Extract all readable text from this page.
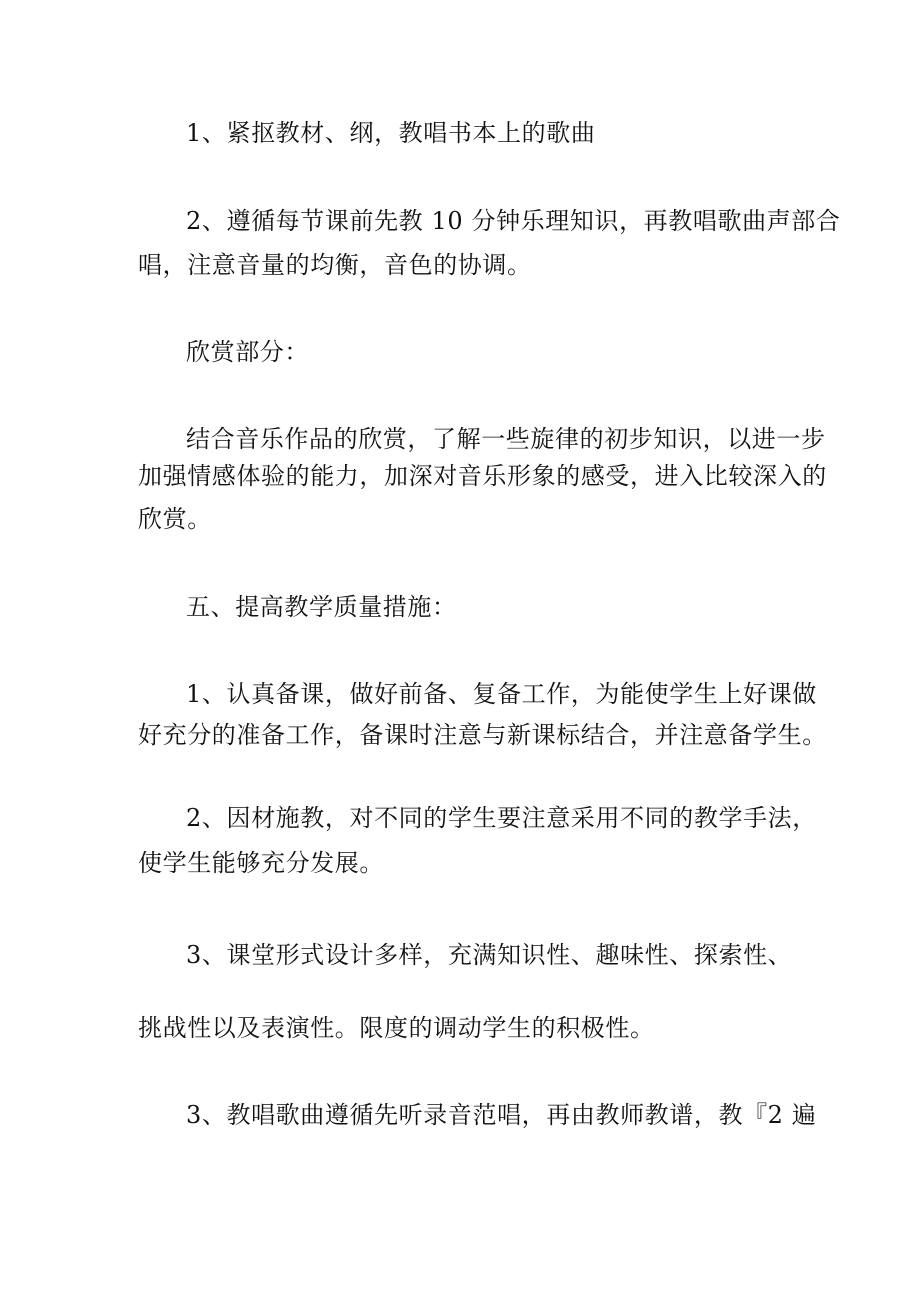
1、紧抠教材、纲，教唱书本上的歌曲
2、遵循每节课前先教 10 分钟乐理知识，再教唱歌曲声部合
唱，注意音量的均衡，音色的协调。
欣赏部分：
结合音乐作品的欣赏，了解一些旋律的初步知识，以进一步
加强情感体验的能力，加深对音乐形象的感受，进入比较深入的
欣赏。
五、提高教学质量措施：
1、认真备课，做好前备、复备工作，为能使学生上好课做
好充分的准备工作，备课时注意与新课标结合，并注意备学生。
2、因材施教，对不同的学生要注意采用不同的教学手法，
使学生能够充分发展。
3、课堂形式设计多样，充满知识性、趣味性、探索性、
挑战性以及表演性。限度的调动学生的积极性。
3、教唱歌曲遵循先听录音范唱，再由教师教谱，教『2 遍
